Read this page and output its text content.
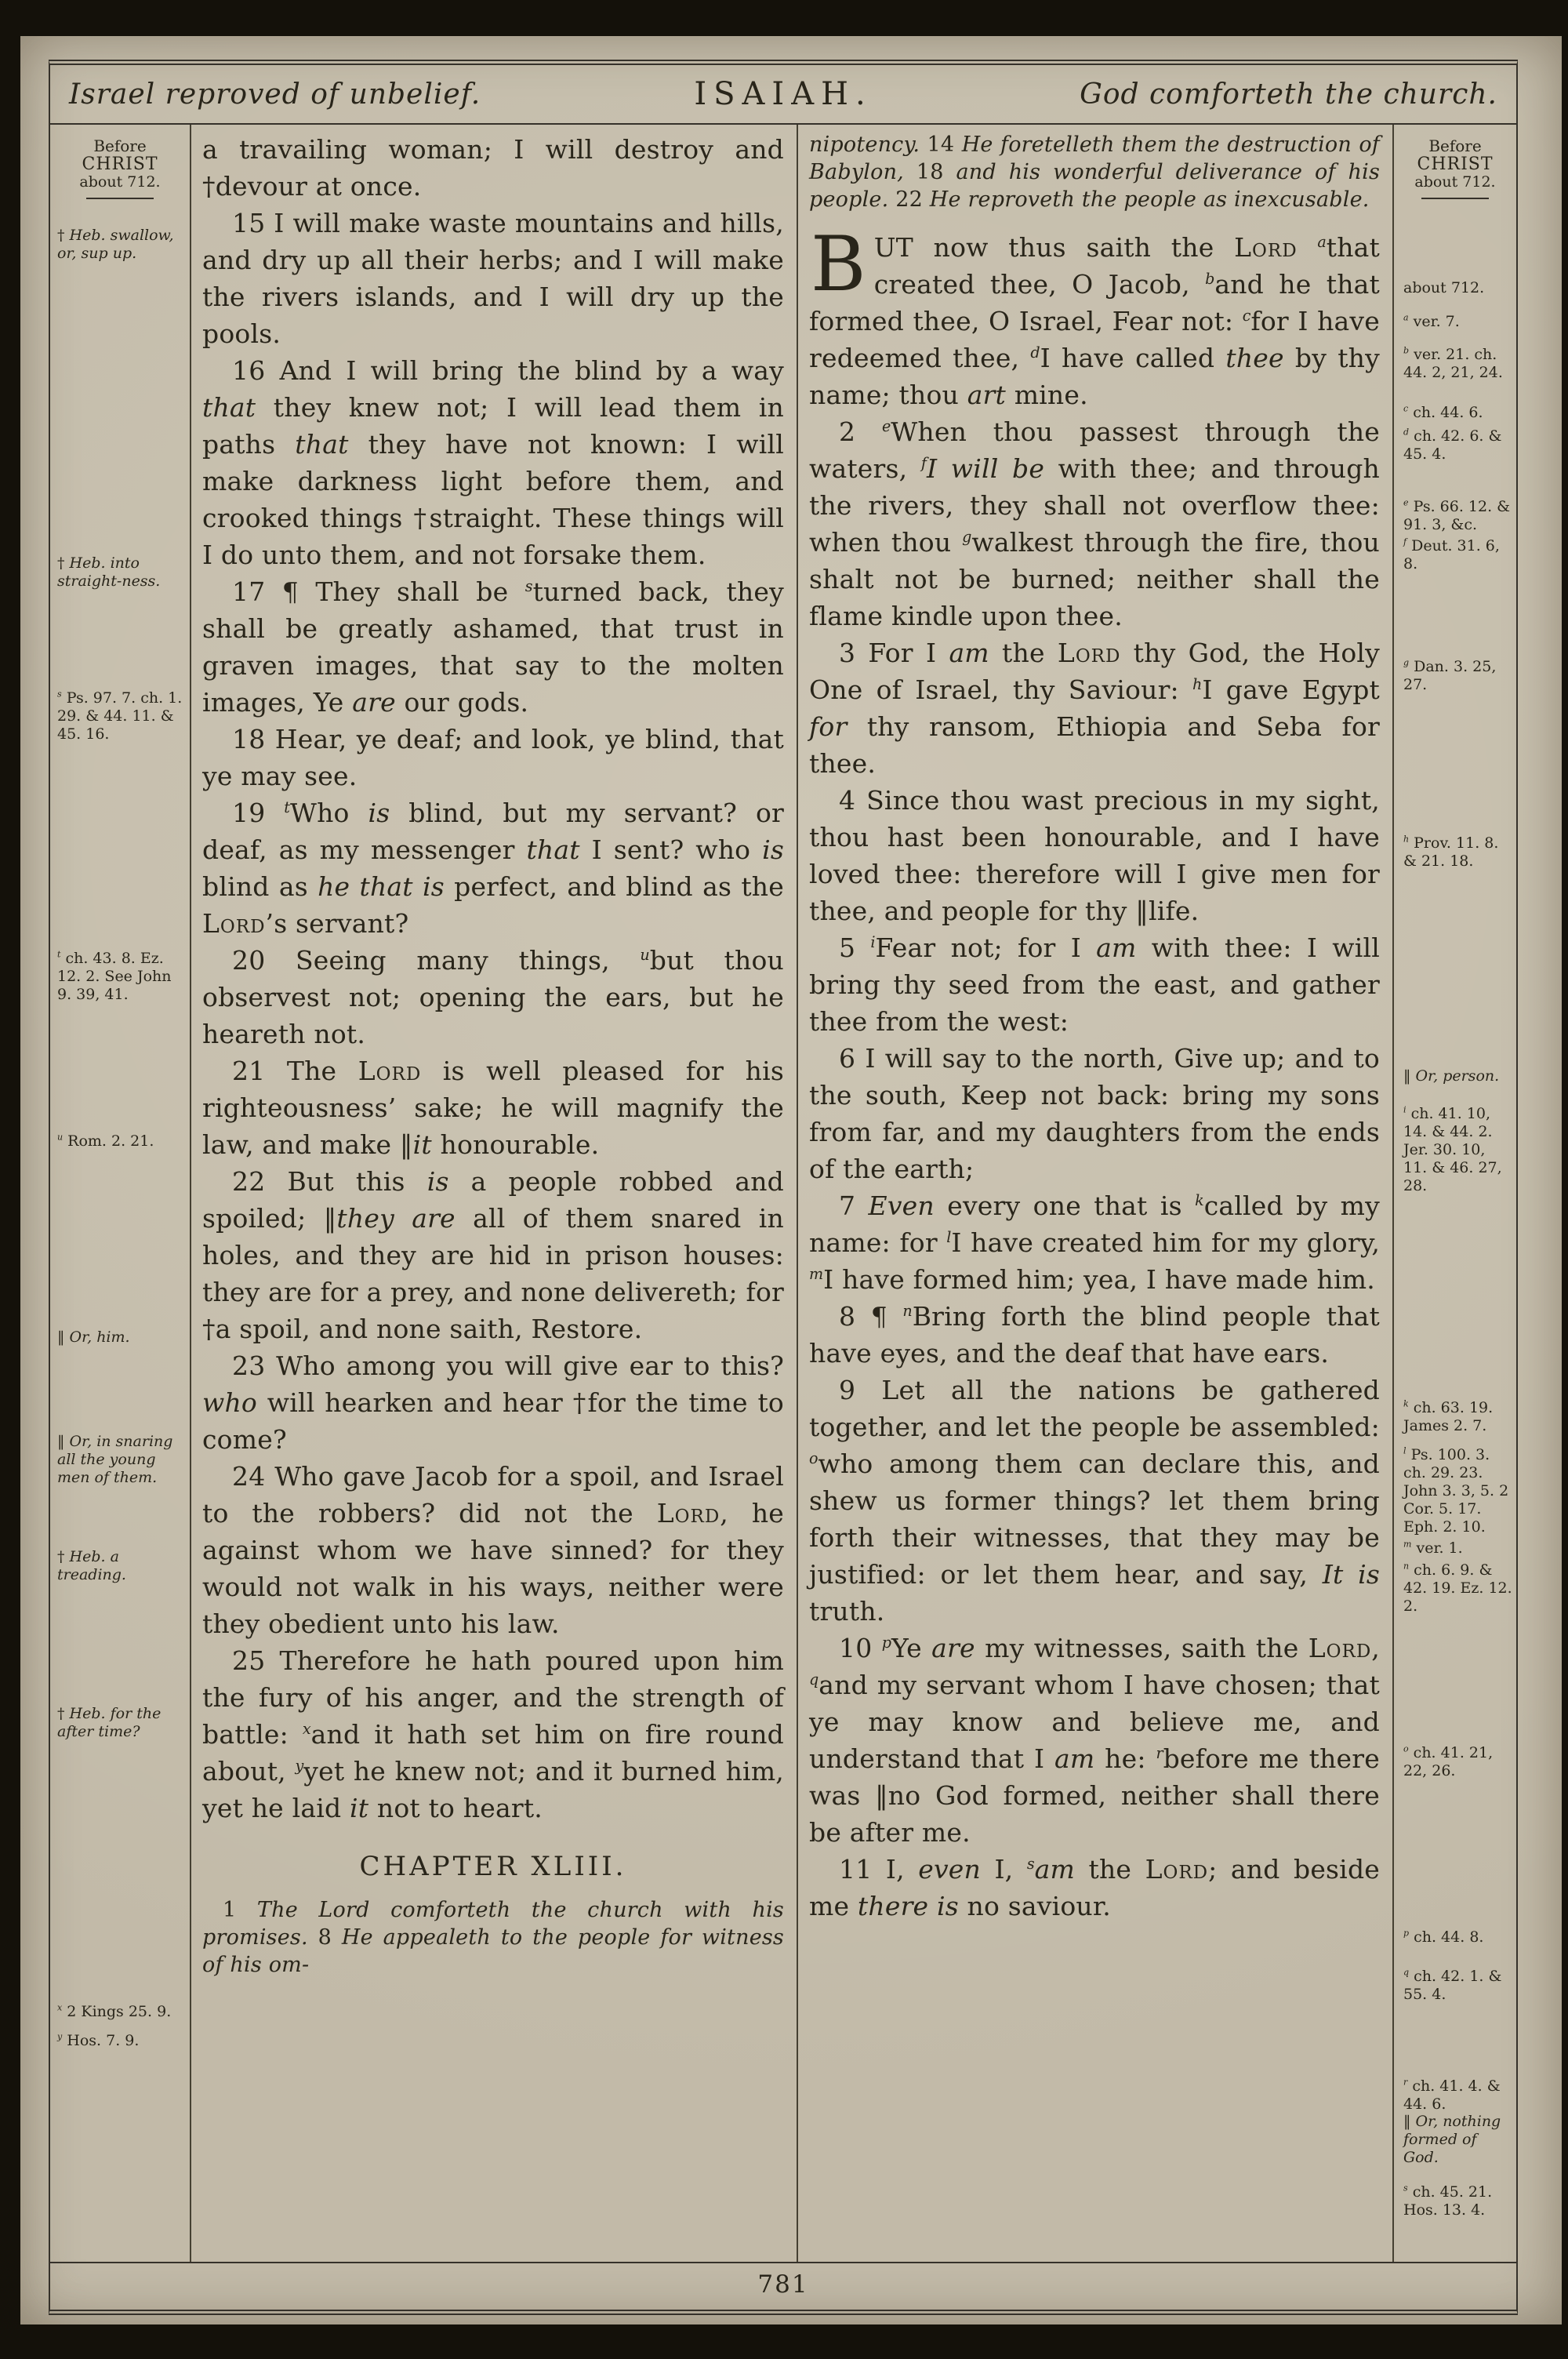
Israel reproved of unbelief.	ISAIAH.	God comforteth the church.
Before
CHRIST
about 712.
† Heb. swallow, or, sup up.
† Heb. into straight-ness.
$^s$ Ps. 97. 7. ch. 1. 29. & 44. 11. & 45. 16.
$^t$ ch. 43. 8. Ez. 12. 2. See John 9. 39, 41.
$^u$ Rom. 2. 21.
‖ Or, him.
‖ Or, in snaring all the young men of them.
† Heb. a treading.
† Heb. for the after time?
$^x$ 2 Kings 25. 9.
$^y$ Hos. 7. 9.

a travailing woman; I will destroy and †devour at once.

15 I will make waste mountains and hills, and dry up all their herbs; and I will make the rivers islands, and I will dry up the pools.

16 And I will bring the blind by a way that they knew not; I will lead them in paths that they have not known: I will make darkness light before them, and crooked things †straight. These things will I do unto them, and not forsake them.

17 ¶ They shall be $^s$turned back, they shall be greatly ashamed, that trust in graven images, that say to the molten images, Ye are our gods.

18 Hear, ye deaf; and look, ye blind, that ye may see.

19 $^t$Who is blind, but my servant? or deaf, as my messenger that I sent? who is blind as he that is perfect, and blind as the Lord’s servant?

20 Seeing many things, $^u$but thou observest not; opening the ears, but he heareth not.

21 The Lord is well pleased for his righteousness’ sake; he will magnify the law, and make ‖it honourable.

22 But this is a people robbed and spoiled; ‖they are all of them snared in holes, and they are hid in prison houses: they are for a prey, and none delivereth; for †a spoil, and none saith, Restore.

23 Who among you will give ear to this? who will hearken and hear †for the time to come?

24 Who gave Jacob for a spoil, and Israel to the robbers? did not the Lord, he against whom we have sinned? for they would not walk in his ways, neither were they obedient unto his law.

25 Therefore he hath poured upon him the fury of his anger, and the strength of battle: $^x$and it hath set him on fire round about, $^y$yet he knew not; and it burned him, yet he laid it not to heart.

CHAPTER XLIII.

1 The Lord comforteth the church with his promises. 8 He appealeth to the people for witness of his om-

nipotency. 14 He foretelleth them the destruction of Babylon, 18 and his wonderful deliverance of his people. 22 He reproveth the people as inexcusable.

BUT now thus saith the Lord $^a$that created thee, O Jacob, $^b$and he that formed thee, O Israel, Fear not: $^c$for I have redeemed thee, $^d$I have called thee by thy name; thou art mine.

2 $^e$When thou passest through the waters, $^f$I will be with thee; and through the rivers, they shall not overflow thee: when thou $^g$walkest through the fire, thou shalt not be burned; neither shall the flame kindle upon thee.

3 For I am the Lord thy God, the Holy One of Israel, thy Saviour: $^h$I gave Egypt for thy ransom, Ethiopia and Seba for thee.

4 Since thou wast precious in my sight, thou hast been honourable, and I have loved thee: therefore will I give men for thee, and people for thy ‖life.

5 $^i$Fear not; for I am with thee: I will bring thy seed from the east, and gather thee from the west:

6 I will say to the north, Give up; and to the south, Keep not back: bring my sons from far, and my daughters from the ends of the earth;

7 Even every one that is $^k$called by my name: for $^l$I have created him for my glory, $^m$I have formed him; yea, I have made him.

8 ¶ $^n$Bring forth the blind people that have eyes, and the deaf that have ears.

9 Let all the nations be gathered together, and let the people be assembled: $^o$who among them can declare this, and shew us former things? let them bring forth their witnesses, that they may be justified: or let them hear, and say, It is truth.

10 $^p$Ye are my witnesses, saith the Lord, $^q$and my servant whom I have chosen; that ye may know and believe me, and understand that I am he: $^r$before me there was ‖no God formed, neither shall there be after me.

11 I, even I, $^s$am the Lord; and beside me there is no saviour.

Before
CHRIST
about 712.
about 712.
$^a$ ver. 7.
$^b$ ver. 21. ch. 44. 2, 21, 24.
$^c$ ch. 44. 6.
$^d$ ch. 42. 6. & 45. 4.
$^e$ Ps. 66. 12. & 91. 3, &c.
$^f$ Deut. 31. 6, 8.
$^g$ Dan. 3. 25, 27.
$^h$ Prov. 11. 8. & 21. 18.
‖ Or, person.
$^i$ ch. 41. 10, 14. & 44. 2. Jer. 30. 10, 11. & 46. 27, 28.
$^k$ ch. 63. 19. James 2. 7.
$^l$ Ps. 100. 3. ch. 29. 23. John 3. 3, 5. 2 Cor. 5. 17. Eph. 2. 10.
$^m$ ver. 1.
$^n$ ch. 6. 9. & 42. 19. Ez. 12. 2.
$^o$ ch. 41. 21, 22, 26.
$^p$ ch. 44. 8.
$^q$ ch. 42. 1. & 55. 4.
$^r$ ch. 41. 4. & 44. 6.
‖ Or, nothing formed of God.
$^s$ ch. 45. 21. Hos. 13. 4.
781
